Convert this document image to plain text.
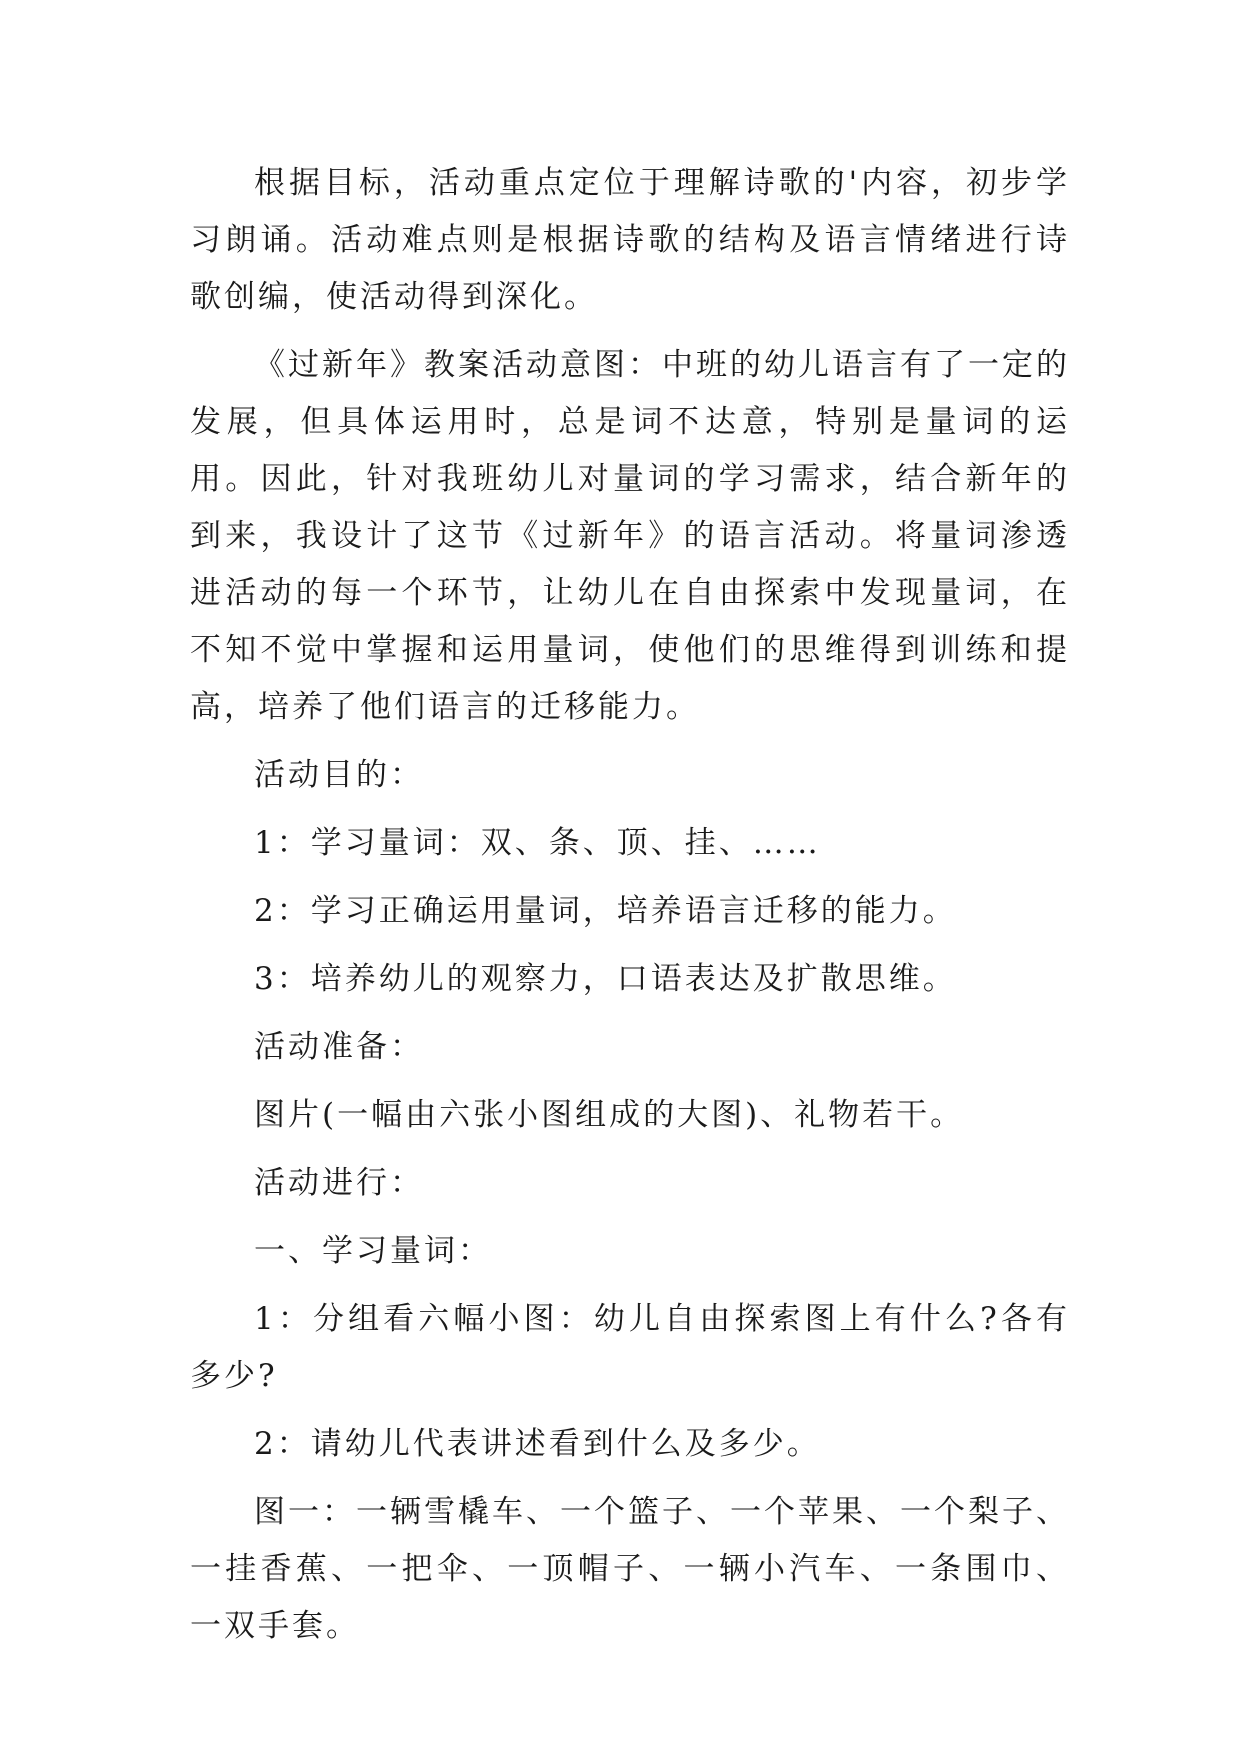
根据目标，活动重点定位于理解诗歌的'内容，初步学习朗诵。活动难点则是根据诗歌的结构及语言情绪进行诗歌创编，使活动得到深化。

《过新年》教案活动意图：中班的幼儿语言有了一定的发展，但具体运用时，总是词不达意，特别是量词的运用。因此，针对我班幼儿对量词的学习需求，结合新年的到来，我设计了这节《过新年》的语言活动。将量词渗透进活动的每一个环节，让幼儿在自由探索中发现量词，在不知不觉中掌握和运用量词，使他们的思维得到训练和提高，培养了他们语言的迁移能力。

活动目的：

1：学习量词：双、条、顶、挂、……

2：学习正确运用量词，培养语言迁移的能力。

3：培养幼儿的观察力，口语表达及扩散思维。

活动准备：

图片(一幅由六张小图组成的大图)、礼物若干。

活动进行：

一、学习量词：

1：分组看六幅小图：幼儿自由探索图上有什么?各有多少?

2：请幼儿代表讲述看到什么及多少。

图一：一辆雪橇车、一个篮子、一个苹果、一个梨子、一挂香蕉、一把伞、一顶帽子、一辆小汽车、一条围巾、一双手套。
